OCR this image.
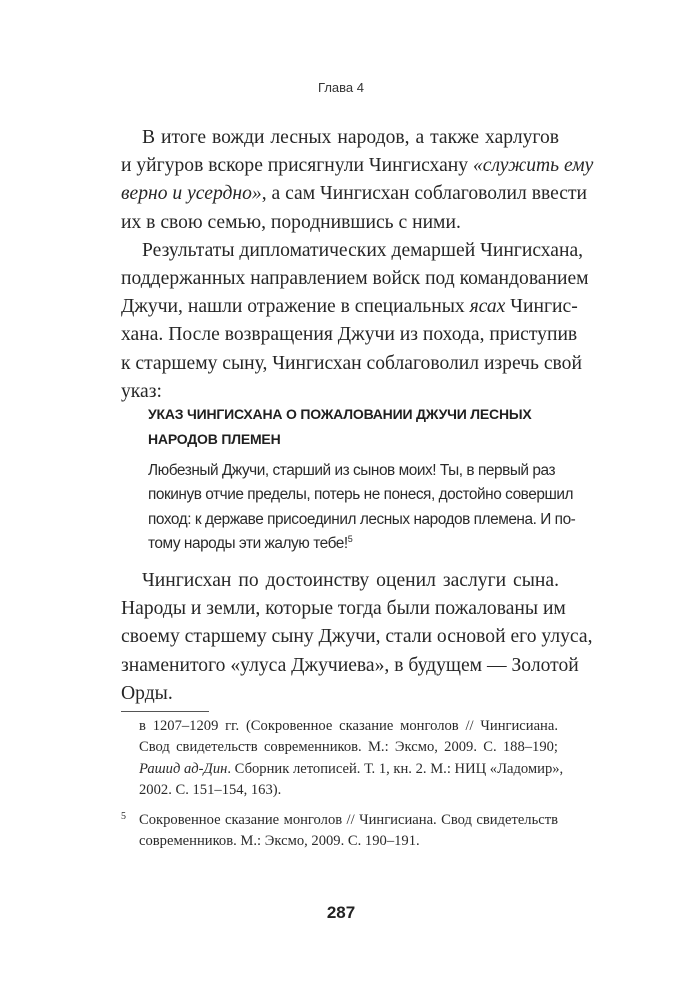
Глава 4

В итоге вожди лесных народов, а также харлугов
и уйгуров вскоре присягнули Чингисхану «служить ему
верно и усердно», а сам Чингисхан соблаговолил ввести
их в свою семью, породнившись с ними.

Результаты дипломатических демаршей Чингисхана,
поддержанных направлением войск под командованием
Джучи, нашли отражение в специальных ясах Чингис-
хана. После возвращения Джучи из похода, приступив
к старшему сыну, Чингисхан соблаговолил изречь свой
указ:

УКАЗ ЧИНГИСХАНА О ПОЖАЛОВАНИИ ДЖУЧИ ЛЕСНЫХ
НАРОДОВ ПЛЕМЕН
Любезный Джучи, старший из сынов моих! Ты, в первый раз
покинув отчие пределы, потерь не понеся, достойно совершил
поход: к державе присоединил лесных народов племена. И по-
тому народы эти жалую тебе!$^5$

Чингисхан по достоинству оценил заслуги сына.
Народы и земли, которые тогда были пожалованы им
своему старшему сыну Джучи, стали основой его улуса,
знаменитого «улуса Джучиева», в будущем — Золотой
Орды.

в 1207–1209 гг. (Сокровенное сказание монголов // Чингисиана.
Свод свидетельств современников. М.: Эксмо, 2009. С. 188–190;
Рашид ад-Дин. Сборник летописей. Т. 1, кн. 2. М.: НИЦ «Ладомир»,
2002. С. 151–154, 163).
5 Сокровенное сказание монголов // Чингисиана. Свод свидетельств
современников. М.: Эксмо, 2009. С. 190–191.
287
